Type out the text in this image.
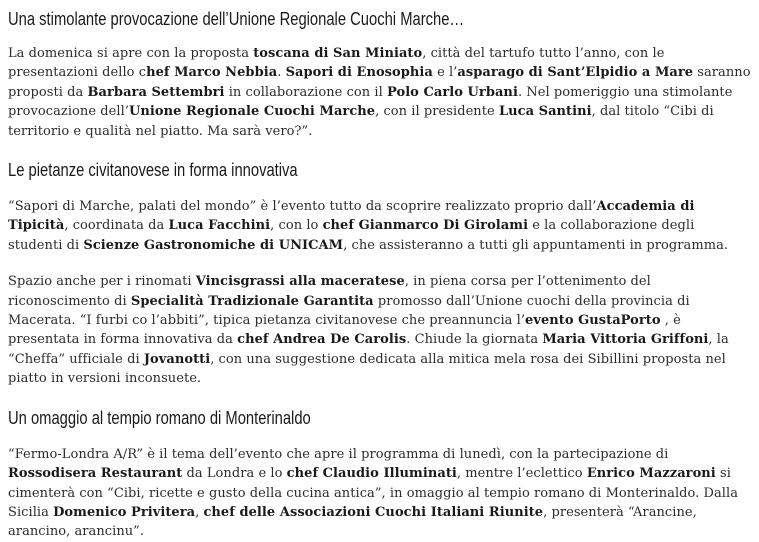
Una stimolante provocazione dell’Unione Regionale Cuochi Marche…

La domenica si apre con la proposta toscana di San Miniato, città del tartufo tutto l’anno, con le presentazioni dello chef Marco Nebbia. Sapori di Enosophia e l’asparago di Sant’Elpidio a Mare saranno proposti da Barbara Settembri in collaborazione con il Polo Carlo Urbani. Nel pomeriggio una stimolante provocazione dell’Unione Regionale Cuochi Marche, con il presidente Luca Santini, dal titolo “Cibi di territorio e qualità nel piatto. Ma sarà vero?”.

Le pietanze civitanovese in forma innovativa

“Sapori di Marche, palati del mondo” è l’evento tutto da scoprire realizzato proprio dall’Accademia di Tipicità, coordinata da Luca Facchini, con lo chef Gianmarco Di Girolami e la collaborazione degli studenti di Scienze Gastronomiche di UNICAM, che assisteranno a tutti gli appuntamenti in programma.

Spazio anche per i rinomati Vincisgrassi alla maceratese, in piena corsa per l’ottenimento del riconoscimento di Specialità Tradizionale Garantita promosso dall’Unione cuochi della provincia di Macerata. “I furbi co l’abbiti”, tipica pietanza civitanovese che preannuncia l’evento GustaPorto , è presentata in forma innovativa da chef Andrea De Carolis. Chiude la giornata Maria Vittoria Griffoni, la “Cheffa” ufficiale di Jovanotti, con una suggestione dedicata alla mitica mela rosa dei Sibillini proposta nel piatto in versioni inconsuete.

Un omaggio al tempio romano di Monterinaldo

“Fermo-Londra A/R” è il tema dell’evento che apre il programma di lunedì, con la partecipazione di Rossodisera Restaurant da Londra e lo chef Claudio Illuminati, mentre l’eclettico Enrico Mazzaroni si cimenterà con “Cibi, ricette e gusto della cucina antica”, in omaggio al tempio romano di Monterinaldo. Dalla Sicilia Domenico Privitera, chef delle Associazioni Cuochi Italiani Riunite, presenterà “Arancine, arancino, arancinu”.
